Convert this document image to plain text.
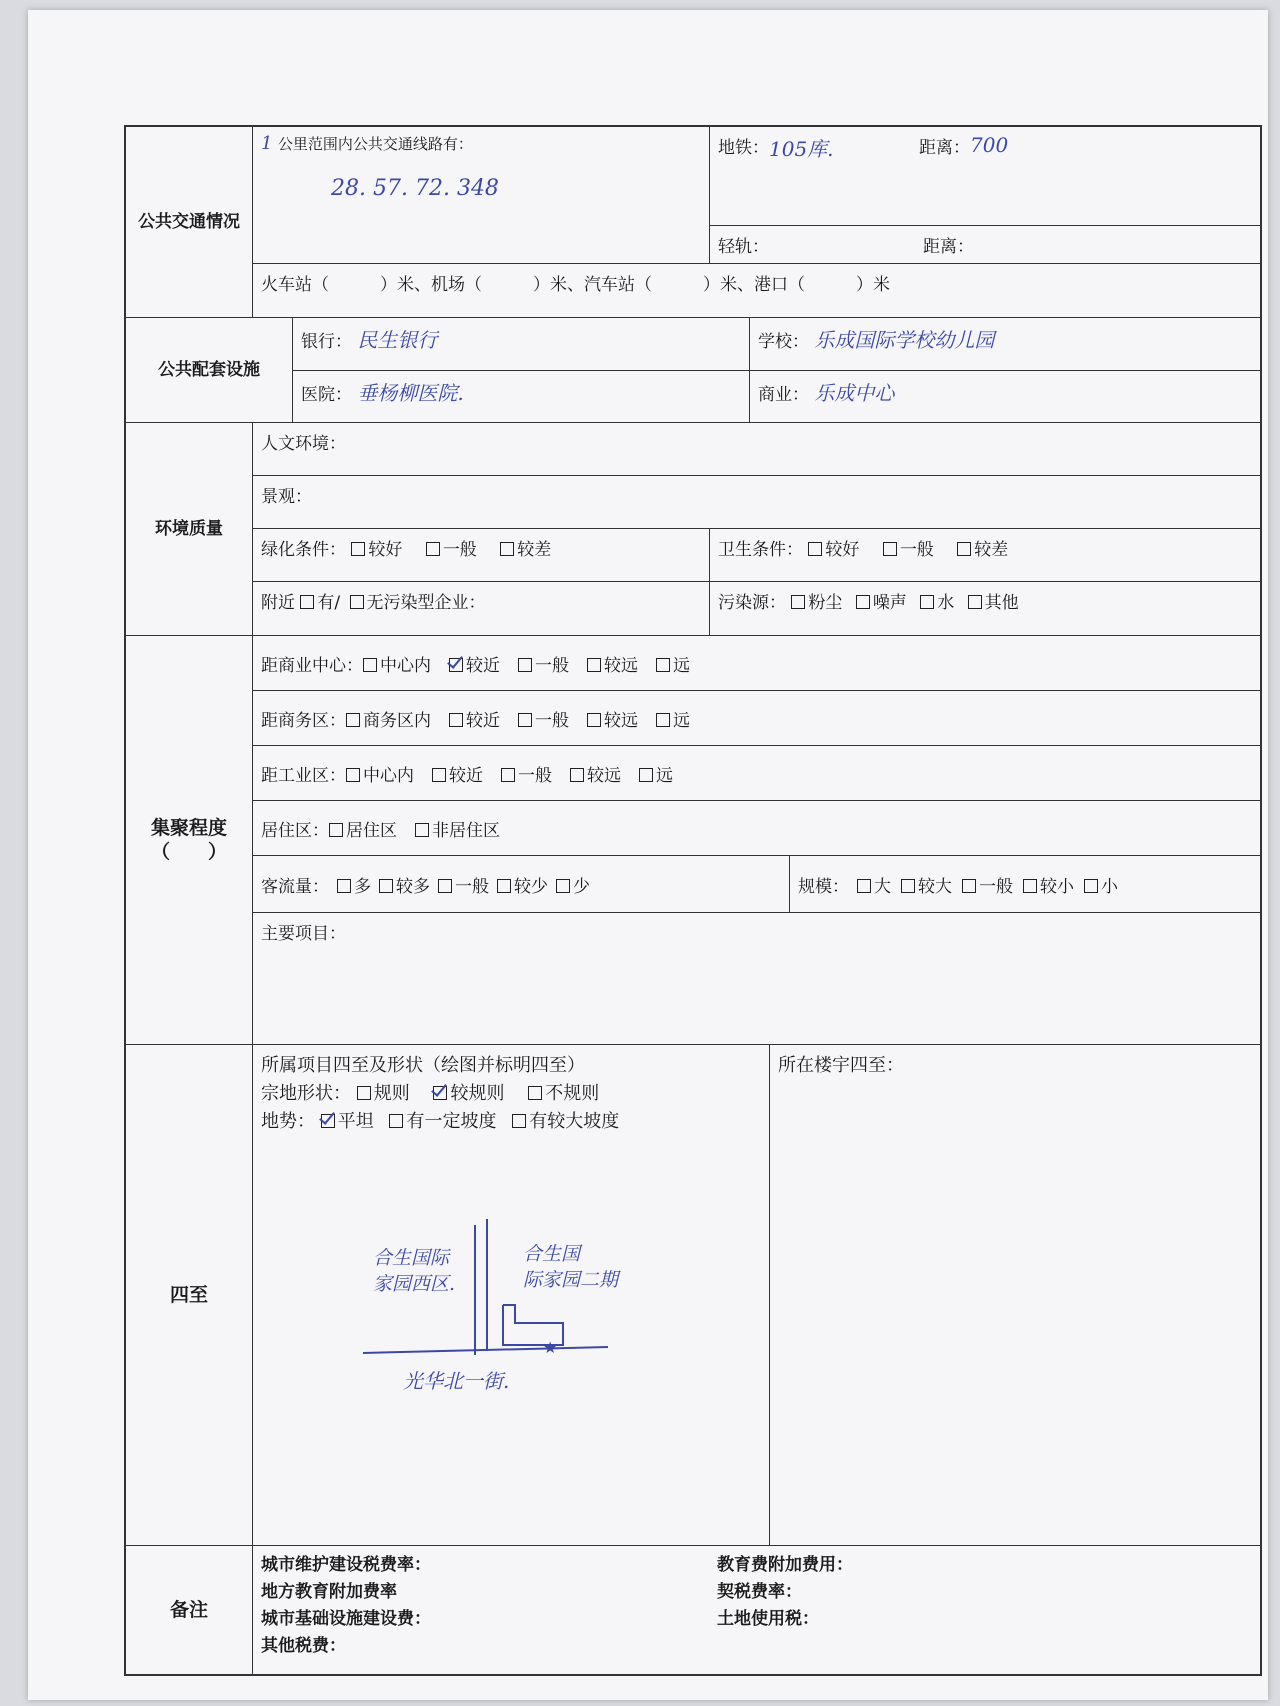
公共交通情况
1 公里范围内公共交通线路有：
28. 57. 72. 348
地铁： 105库.	距离： 700
轻轨：	距离：
火车站（　　　）米、机场（　　　）米、汽车站（　　　）米、港口（　　　）米
公共配套设施
银行： 民生银行	学校： 乐成国际学校幼儿园
医院： 垂杨柳医院.	商业： 乐成中心
环境质量
人文环境：
景观：
绿化条件： 较好 一般 较差	卫生条件： 较好 一般 较差
附近 有/ 无污染型企业：	污染源： 粉尘 噪声 水 其他
集聚程度
（　　）
距商业中心：	中心内	较近	一般	较远	远
距商务区：	商务区内	较近	一般	较远	远
距工业区：	中心内	较近	一般	较远	远
居住区：	居住区	非居住区
客流量：	多	较多	一般	较少	少	规模：	大	较大	一般	较小	小
主要项目：
四至
所属项目四至及形状（绘图并标明四至）
宗地形状： 规则 较规则 不规则
地势： 平坦 有一定坡度 有较大坡度
★
合生国际
家园西区.
合生国
际家园二期
光华北一街.
所在楼宇四至：
备注
城市维护建设税费率：
地方教育附加费率
城市基础设施建设费：
其他税费：
教育费附加费用：
契税费率：
土地使用税：
